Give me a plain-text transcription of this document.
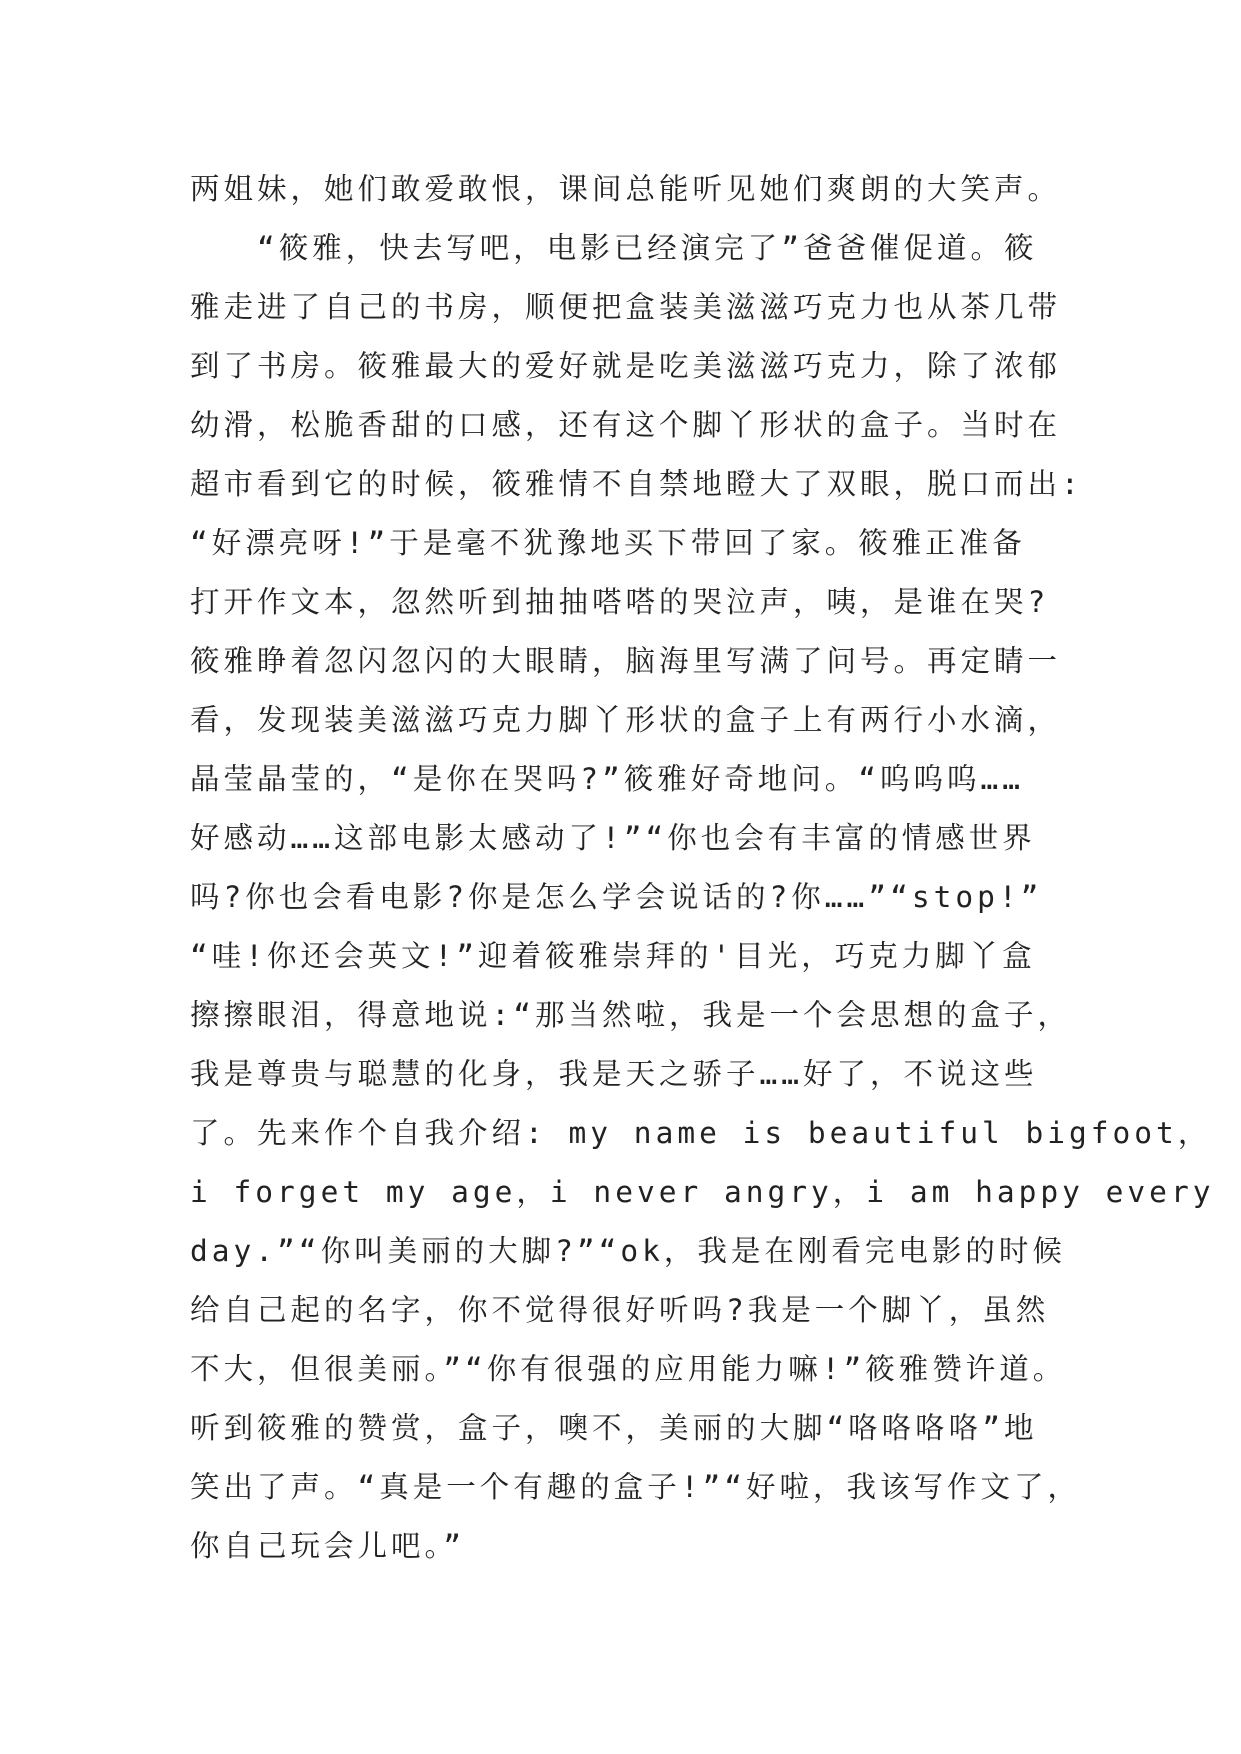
两姐妹，她们敢爱敢恨，课间总能听见她们爽朗的大笑声。
　　“筱雅，快去写吧，电影已经演完了”爸爸催促道。筱
雅走进了自己的书房，顺便把盒装美滋滋巧克力也从茶几带
到了书房。筱雅最大的爱好就是吃美滋滋巧克力，除了浓郁
幼滑，松脆香甜的口感，还有这个脚丫形状的盒子。当时在
超市看到它的时候，筱雅情不自禁地瞪大了双眼，脱口而出:
“好漂亮呀!”于是毫不犹豫地买下带回了家。筱雅正准备
打开作文本，忽然听到抽抽嗒嗒的哭泣声，咦，是谁在哭?
筱雅睁着忽闪忽闪的大眼睛，脑海里写满了问号。再定睛一
看，发现装美滋滋巧克力脚丫形状的盒子上有两行小水滴，
晶莹晶莹的，“是你在哭吗?”筱雅好奇地问。“呜呜呜……
好感动……这部电影太感动了!”“你也会有丰富的情感世界
吗?你也会看电影?你是怎么学会说话的?你……”“stop!”
“哇!你还会英文!”迎着筱雅崇拜的'目光，巧克力脚丫盒
擦擦眼泪，得意地说:“那当然啦，我是一个会思想的盒子，
我是尊贵与聪慧的化身，我是天之骄子……好了，不说这些
了。先来作个自我介绍: my name is beautiful bigfoot，
i forget my age，i never angry，i am happy every
day.”“你叫美丽的大脚?”“ok，我是在刚看完电影的时候
给自己起的名字，你不觉得很好听吗?我是一个脚丫，虽然
不大，但很美丽。”“你有很强的应用能力嘛!”筱雅赞许道。
听到筱雅的赞赏，盒子，噢不，美丽的大脚“咯咯咯咯”地
笑出了声。“真是一个有趣的盒子!”“好啦，我该写作文了，
你自己玩会儿吧。”
